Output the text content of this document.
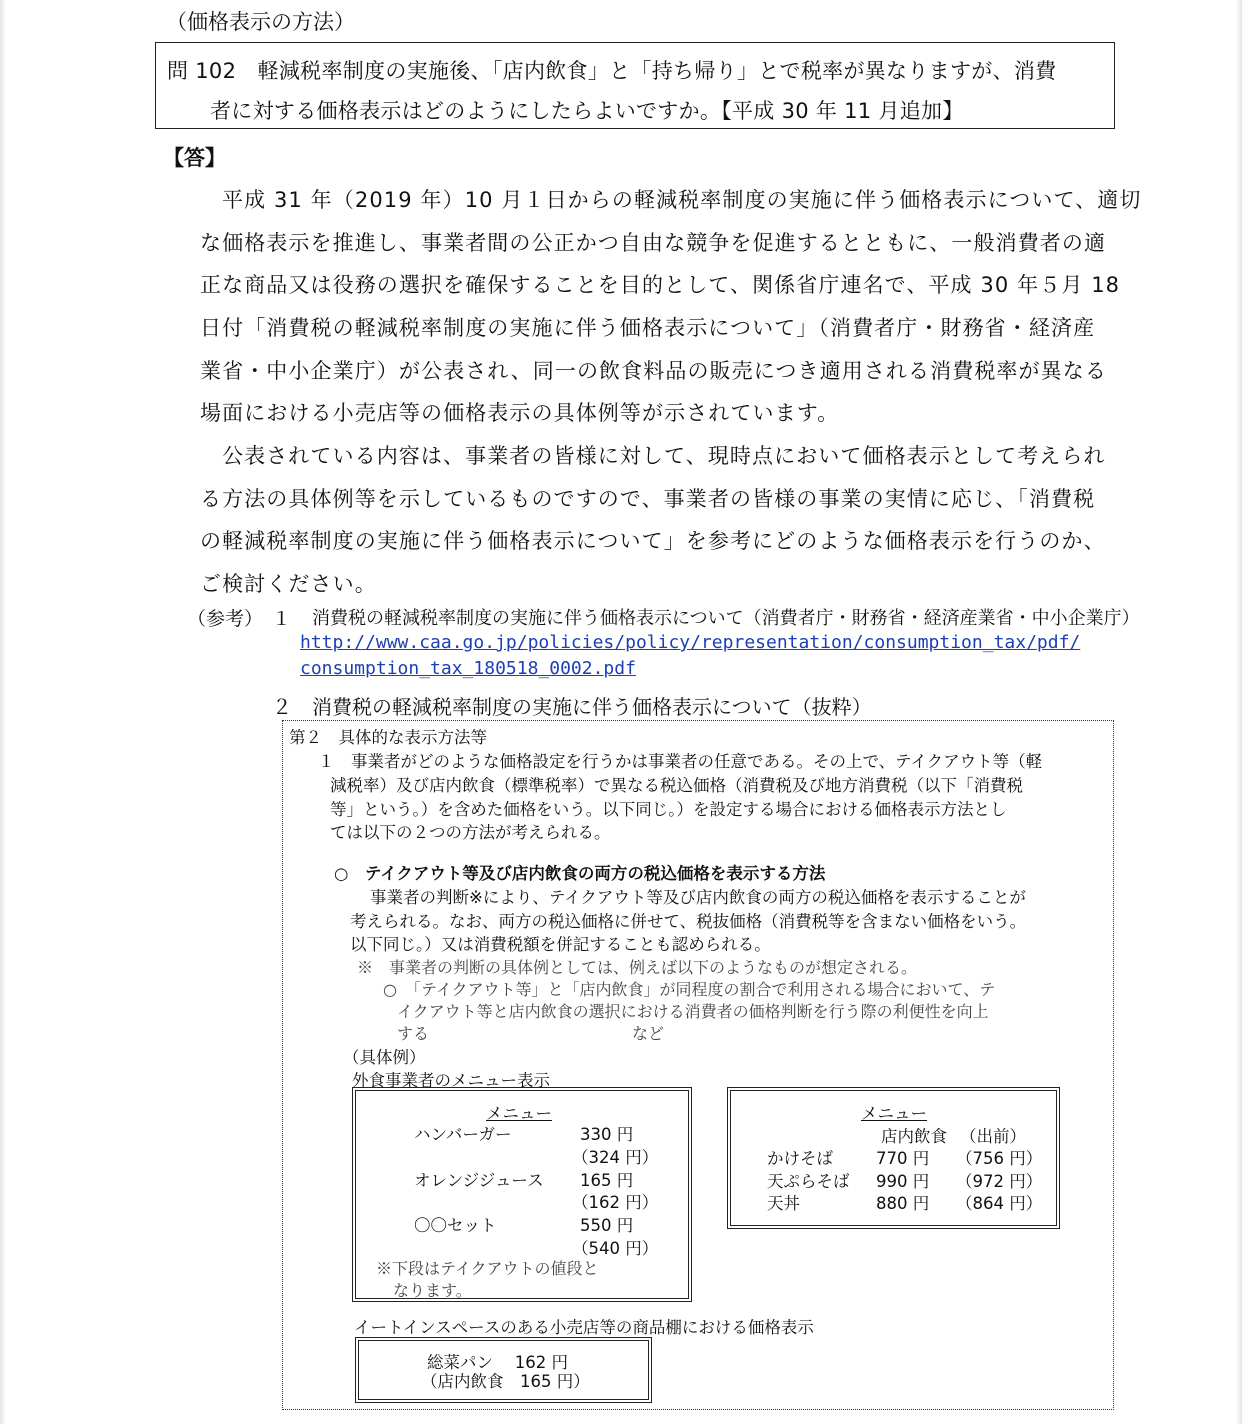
（価格表示の方法）
問 102　軽減税率制度の実施後、「店内飲食」と「持ち帰り」とで税率が異なりますが、消費
者に対する価格表示はどのようにしたらよいですか。【平成 30 年 11 月追加】
【答】
平成 31 年（2019 年）10 月１日からの軽減税率制度の実施に伴う価格表示について、適切
な価格表示を推進し、事業者間の公正かつ自由な競争を促進するとともに、一般消費者の適
正な商品又は役務の選択を確保することを目的として、関係省庁連名で、平成 30 年５月 18
日付「消費税の軽減税率制度の実施に伴う価格表示について」（消費者庁・財務省・経済産
業省・中小企業庁）が公表され、同一の飲食料品の販売につき適用される消費税率が異なる
場面における小売店等の価格表示の具体例等が示されています。
公表されている内容は、事業者の皆様に対して、現時点において価格表示として考えられ
る方法の具体例等を示しているものですので、事業者の皆様の事業の実情に応じ、「消費税
の軽減税率制度の実施に伴う価格表示について」を参考にどのような価格表示を行うのか、
ご検討ください。
（参考） １ 消費税の軽減税率制度の実施に伴う価格表示について（消費者庁・財務省・経済産業省・中小企業庁）
http://www.caa.go.jp/policies/policy/representation/consumption_tax/pdf/
consumption_tax_180518_0002.pdf
２　消費税の軽減税率制度の実施に伴う価格表示について（抜粋）
第２　具体的な表示方法等
１　事業者がどのような価格設定を行うかは事業者の任意である。その上で、テイクアウト等（軽
減税率）及び店内飲食（標準税率）で異なる税込価格（消費税及び地方消費税（以下「消費税
等」という。）を含めた価格をいう。以下同じ。）を設定する場合における価格表示方法とし
ては以下の２つの方法が考えられる。
○　テイクアウト等及び店内飲食の両方の税込価格を表示する方法
事業者の判断※により、テイクアウト等及び店内飲食の両方の税込価格を表示することが
考えられる。なお、両方の税込価格に併せて、税抜価格（消費税等を含まない価格をいう。
以下同じ。）又は消費税額を併記することも認められる。
※　事業者の判断の具体例としては、例えば以下のようなものが想定される。
○　「テイクアウト等」と「店内飲食」が同程度の割合で利用される場合において、テ
イクアウト等と店内飲食の選択における消費者の価格判断を行う際の利便性を向上
する	など
（具体例）
外食事業者のメニュー表示
メニュー
ハンバーガー	330 円
（324 円）
オレンジジュース 165 円
（162 円）
〇〇セット	550 円
（540 円）
※下段はテイクアウトの値段と
なります。
メニュー
店内飲食 （出前）
かけそば	770 円 （756 円）
天ぷらそば 990 円 （972 円）
天丼	880 円 （864 円）
イートインスペースのある小売店等の商品棚における価格表示
総菜パン　 162 円
（店内飲食　165 円）
